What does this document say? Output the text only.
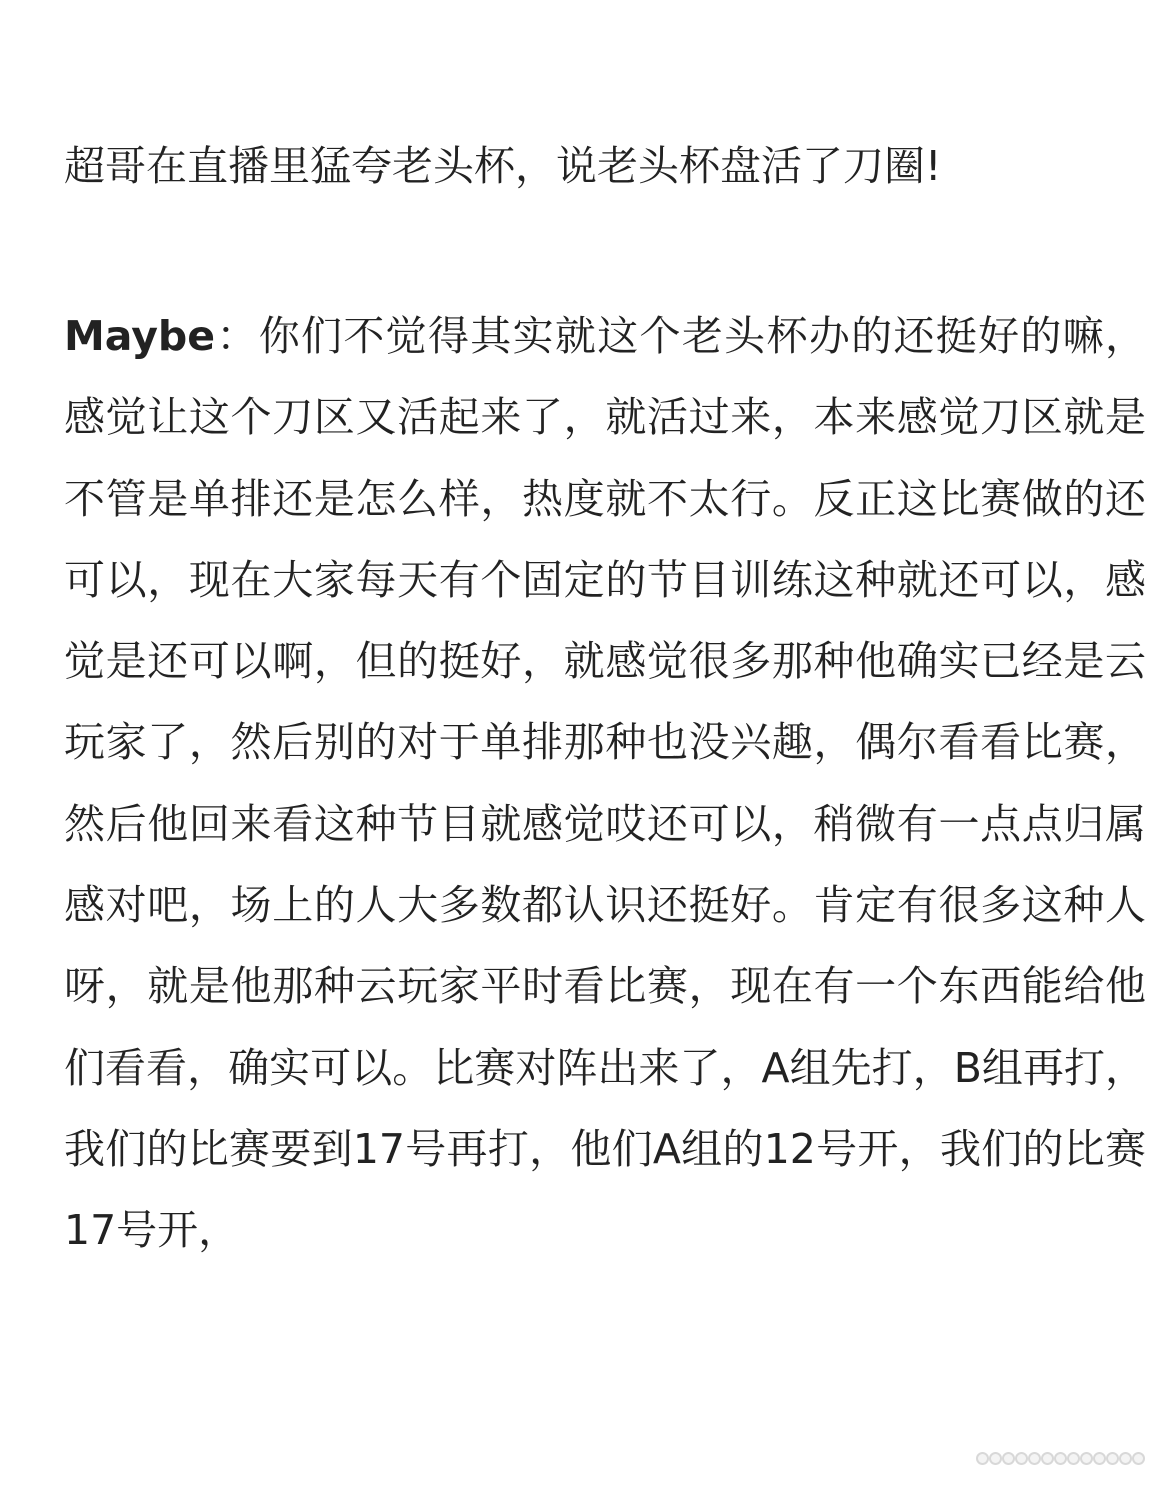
超哥在直播里猛夸老头杯，说老头杯盘活了刀圈!

Maybe：你们不觉得其实就这个老头杯办的还挺好的嘛，感觉让这个刀区又活起来了，就活过来，本来感觉刀区就是不管是单排还是怎么样，热度就不太行。反正这比赛做的还可以，现在大家每天有个固定的节目训练这种就还可以，感觉是还可以啊，但的挺好，就感觉很多那种他确实已经是云玩家了，然后别的对于单排那种也没兴趣，偶尔看看比赛，然后他回来看这种节目就感觉哎还可以，稍微有一点点归属感对吧，场上的人大多数都认识还挺好。肯定有很多这种人呀，就是他那种云玩家平时看比赛，现在有一个东西能给他们看看，确实可以。比赛对阵出来了，A组先打，B组再打，我们的比赛要到17号再打，他们A组的12号开，我们的比赛17号开，
